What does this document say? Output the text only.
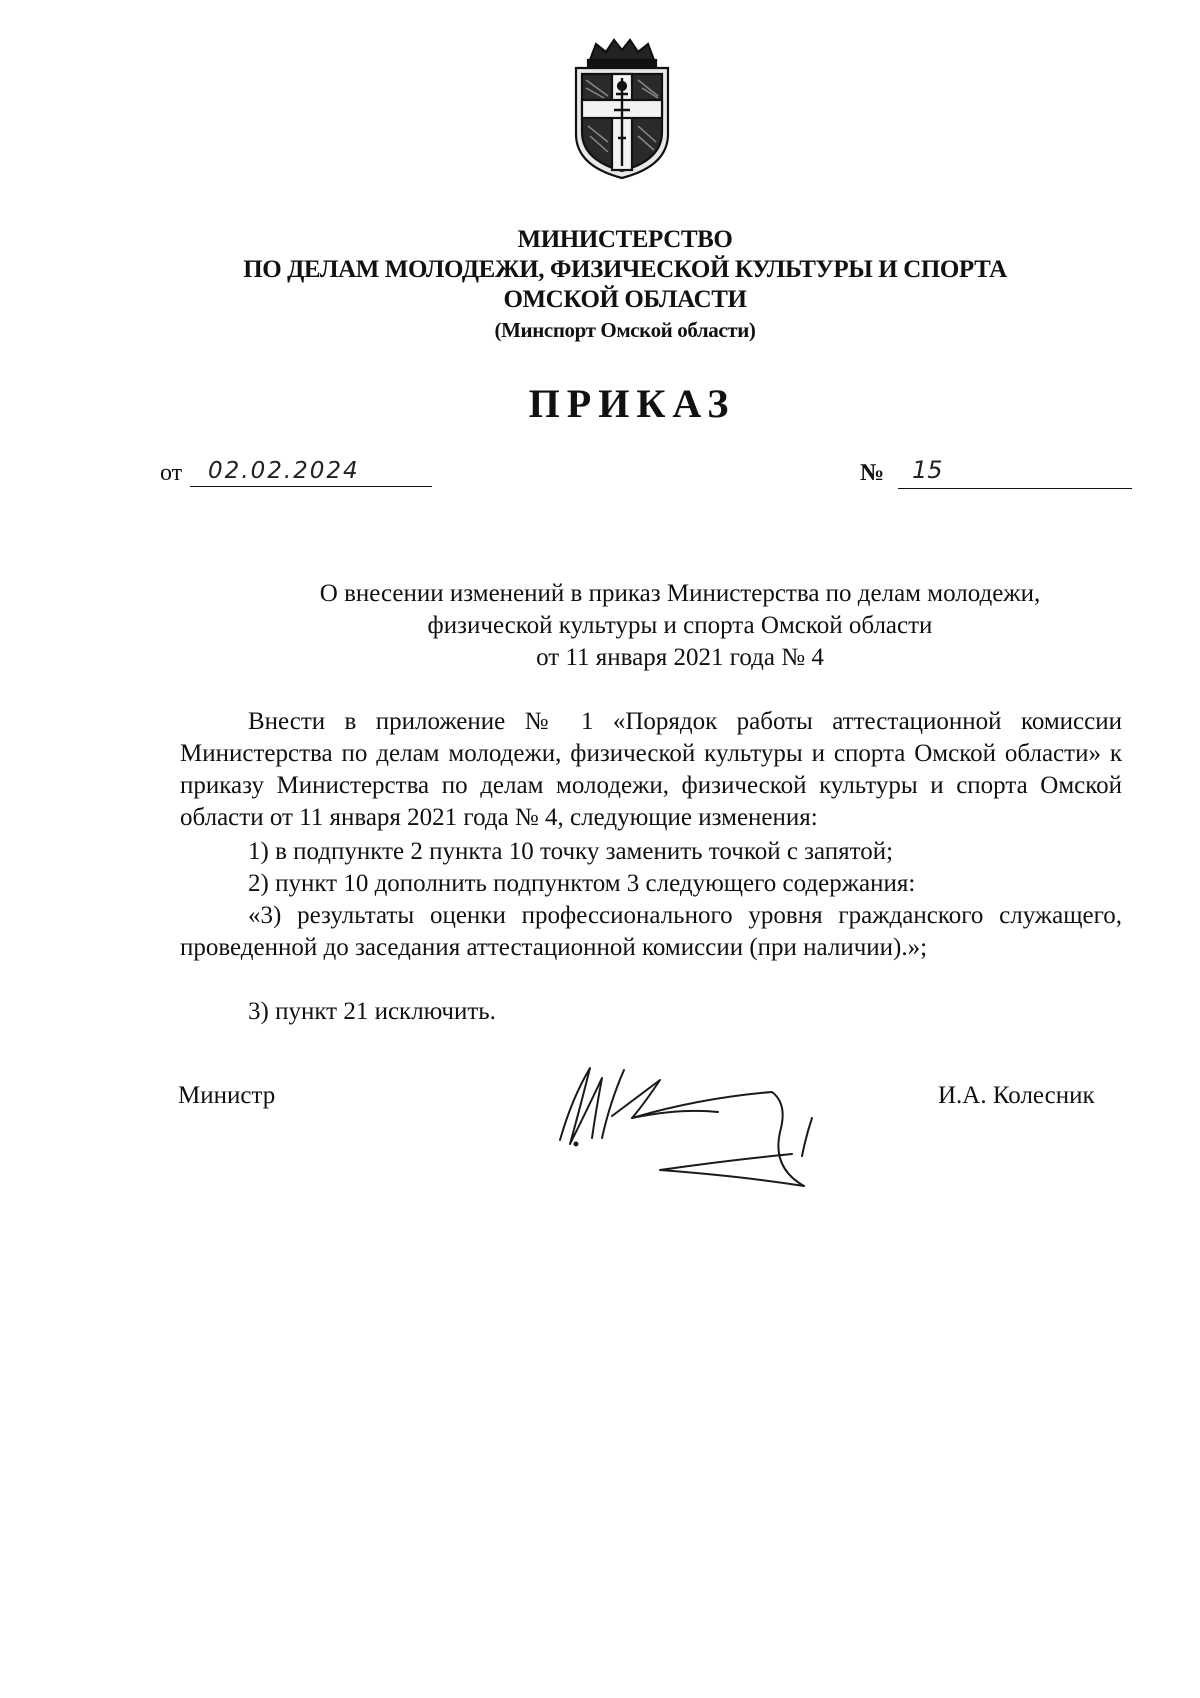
МИНИСТЕРСТВО
ПО ДЕЛАМ МОЛОДЕЖИ, ФИЗИЧЕСКОЙ КУЛЬТУРЫ И СПОРТА
ОМСКОЙ ОБЛАСТИ
(Минспорт Омской области)
ПРИКАЗ
от 02.02.2024	№ 15
О внесении изменений в приказ Министерства по делам молодежи,
физической культуры и спорта Омской области
от 11 января 2021 года № 4
Внести в приложение № 1 «Порядок работы аттестационной комиссии Министерства по делам молодежи, физической культуры и спорта Омской области» к приказу Министерства по делам молодежи, физической культуры и спорта Омской области от 11 января 2021 года № 4, следующие изменения:
1) в подпункте 2 пункта 10 точку заменить точкой с запятой;
2) пункт 10 дополнить подпунктом 3 следующего содержания:
«3) результаты оценки профессионального уровня гражданского служащего, проведенной до заседания аттестационной комиссии (при наличии).»;
3) пункт 21 исключить.
Министр	И.А. Колесник
